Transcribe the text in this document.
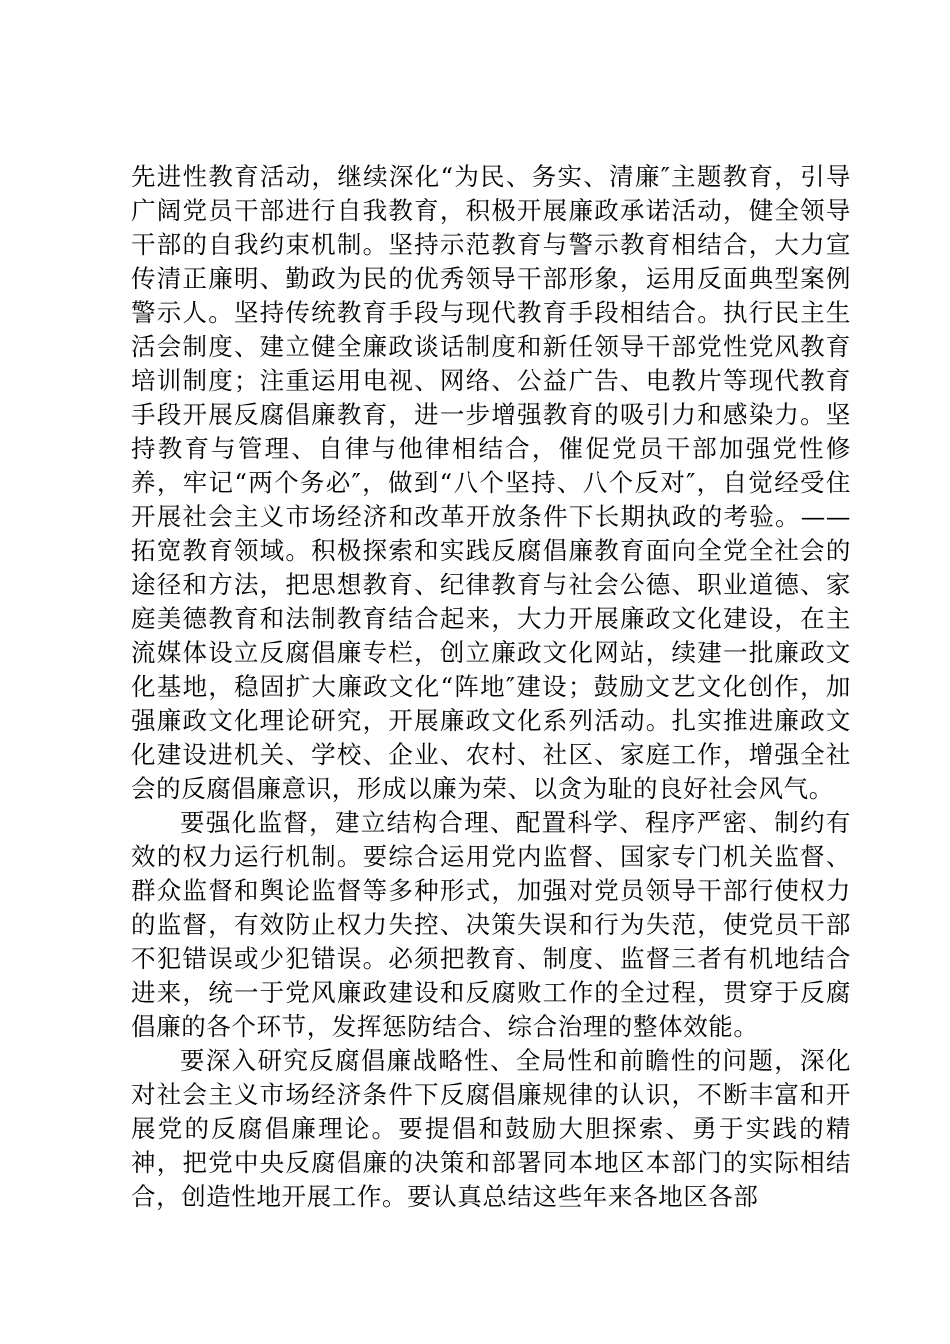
先进性教育活动，继续深化“为民、务实、清廉″主题教育，引导广阔党员干部进行自我教育，积极开展廉政承诺活动，健全领导干部的自我约束机制。坚持示范教育与警示教育相结合，大力宣传清正廉明、勤政为民的优秀领导干部形象，运用反面典型案例警示人。坚持传统教育手段与现代教育手段相结合。执行民主生活会制度、建立健全廉政谈话制度和新任领导干部党性党风教育培训制度；注重运用电视、网络、公益广告、电教片等现代教育手段开展反腐倡廉教育，进一步增强教育的吸引力和感染力。坚持教育与管理、自律与他律相结合，催促党员干部加强党性修养，牢记“两个务必″，做到“八个坚持、八个反对″，自觉经受住开展社会主义市场经济和改革开放条件下长期执政的考验。——拓宽教育领域。积极探索和实践反腐倡廉教育面向全党全社会的途径和方法，把思想教育、纪律教育与社会公德、职业道德、家庭美德教育和法制教育结合起来，大力开展廉政文化建设，在主流媒体设立反腐倡廉专栏，创立廉政文化网站，续建一批廉政文化基地，稳固扩大廉政文化“阵地″建设；鼓励文艺文化创作，加强廉政文化理论研究，开展廉政文化系列活动。扎实推进廉政文化建设进机关、学校、企业、农村、社区、家庭工作，增强全社会的反腐倡廉意识，形成以廉为荣、以贪为耻的良好社会风气。

要强化监督，建立结构合理、配置科学、程序严密、制约有效的权力运行机制。要综合运用党内监督、国家专门机关监督、群众监督和舆论监督等多种形式，加强对党员领导干部行使权力的监督，有效防止权力失控、决策失误和行为失范，使党员干部不犯错误或少犯错误。必须把教育、制度、监督三者有机地结合进来，统一于党风廉政建设和反腐败工作的全过程，贯穿于反腐倡廉的各个环节，发挥惩防结合、综合治理的整体效能。

要深入研究反腐倡廉战略性、全局性和前瞻性的问题，深化对社会主义市场经济条件下反腐倡廉规律的认识，不断丰富和开展党的反腐倡廉理论。要提倡和鼓励大胆探索、勇于实践的精神，把党中央反腐倡廉的决策和部署同本地区本部门的实际相结合，创造性地开展工作。要认真总结这些年来各地区各部
